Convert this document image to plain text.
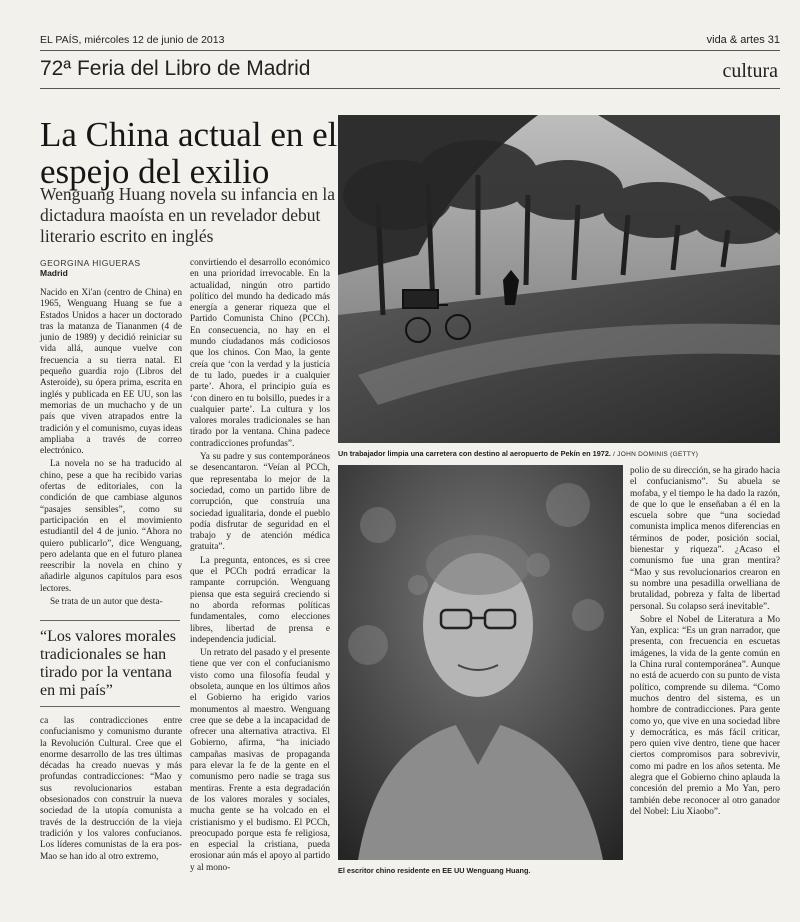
EL PAÍS, miércoles 12 de junio de 2013	vida & artes 31
72ª Feria del Libro de Madrid	cultura
La China actual en el espejo del exilio
Wenguang Huang novela su infancia en la dictadura maoísta en un revelador debut literario escrito en inglés
GEORGINA HIGUERAS
Madrid

Nacido en Xi'an (centro de China) en 1965, Wenguang Huang se fue a Estados Unidos a hacer un doctorado tras la matanza de Tiananmen (4 de junio de 1989) y decidió reiniciar su vida allá, aunque vuelve con frecuencia a su tierra natal. El pequeño guardia rojo (Libros del Asteroide), su ópera prima, escrita en inglés y publicada en EE UU, son las memorias de un muchacho y de un país que viven atrapados entre la tradición y el comunismo, cuyas ideas ampliaba a través de correo electrónico.

La novela no se ha traducido al chino, pese a que ha recibido varias ofertas de editoriales, con la condición de que cambiase algunos “pasajes sensibles”, como su participación en el movimiento estudiantil del 4 de junio. “Ahora no quiero publicarlo”, dice Wenguang, pero adelanta que en el futuro planea reescribir la novela en chino y añadirle algunos capítulos para esos lectores.

Se trata de un autor que desta-

“Los valores morales tradicionales se han tirado por la ventana en mi país”

ca las contradicciones entre confucianismo y comunismo durante la Revolución Cultural. Cree que el enorme desarrollo de las tres últimas décadas ha creado nuevas y más profundas contradicciones: “Mao y sus revolucionarios estaban obsesionados con construir la nueva sociedad de la utopía comunista a través de la destrucción de la vieja tradición y los valores confucianos. Los líderes comunistas de la era pos-Mao se han ido al otro extremo,

convirtiendo el desarrollo económico en una prioridad irrevocable. En la actualidad, ningún otro partido político del mundo ha dedicado más energía a generar riqueza que el Partido Comunista Chino (PCCh). En consecuencia, no hay en el mundo ciudadanos más codiciosos que los chinos. Con Mao, la gente creía que ‘con la verdad y la justicia de tu lado, puedes ir a cualquier parte’. Ahora, el principio guía es ‘con dinero en tu bolsillo, puedes ir a cualquier parte’. La cultura y los valores morales tradicionales se han tirado por la ventana. China padece contradicciones profundas”.

Ya su padre y sus contemporáneos se desencantaron. “Veían al PCCh, que representaba lo mejor de la sociedad, como un partido libre de corrupción, que construía una sociedad igualitaria, donde el pueblo podía disfrutar de seguridad en el trabajo y de atención médica gratuita”.

La pregunta, entonces, es si cree que el PCCh podrá erradicar la rampante corrupción. Wenguang piensa que esta seguirá creciendo si no aborda reformas políticas fundamentales, como elecciones libres, libertad de prensa e independencia judicial.

Un retrato del pasado y el presente tiene que ver con el confucianismo visto como una filosofía feudal y obsoleta, aunque en los últimos años el Gobierno ha erigido varios monumentos al maestro. Wenguang cree que se debe a la incapacidad de ofrecer una alternativa atractiva. El Gobierno, afirma, “ha iniciado campañas masivas de propaganda para elevar la fe de la gente en el comunismo pero nadie se traga sus mentiras. Frente a esta degradación de los valores morales y sociales, mucha gente se ha volcado en el cristianismo y el budismo. El PCCh, preocupado porque esta fe religiosa, en especial la cristiana, pueda erosionar aún más el apoyo al partido y al mono-

Un trabajador limpia una carretera con destino al aeropuerto de Pekín en 1972. / JOHN DOMINIS (GETTY)
El escritor chino residente en EE UU Wenguang Huang.

polio de su dirección, se ha girado hacia el confucianismo”. Su abuela se mofaba, y el tiempo le ha dado la razón, de que lo que le enseñaban a él en la escuela sobre que “una sociedad comunista implica menos diferencias en términos de poder, posición social, bienestar y riqueza”. ¿Acaso el comunismo fue una gran mentira? “Mao y sus revolucionarios crearon en su nombre una pesadilla orwelliana de brutalidad, pobreza y falta de libertad personal. Su colapso será inevitable”.

Sobre el Nobel de Literatura a Mo Yan, explica: “Es un gran narrador, que presenta, con frecuencia en escuetas imágenes, la vida de la gente común en la China rural contemporánea”. Aunque no está de acuerdo con su punto de vista político, comprende su dilema. “Como muchos dentro del sistema, es un hombre de contradicciones. Para gente como yo, que vive en una sociedad libre y democrática, es más fácil criticar, pero quien vive dentro, tiene que hacer ciertos compromisos para sobrevivir, como mi padre en los años setenta. Me alegra que el Gobierno chino aplauda la concesión del premio a Mo Yan, pero también debe reconocer al otro ganador del Nobel: Liu Xiaobo”.
